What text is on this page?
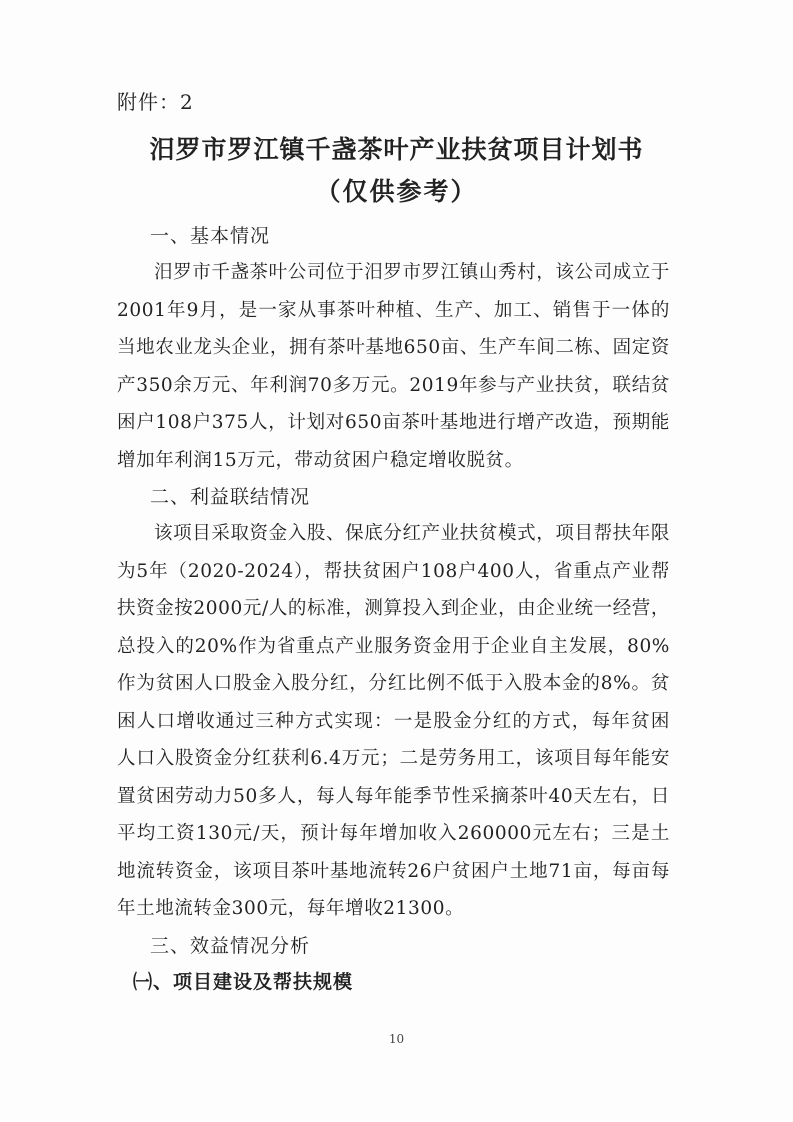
附件：2
汨罗市罗江镇千盏茶叶产业扶贫项目计划书
（仅供参考）
一、基本情况
汨罗市千盏茶叶公司位于汨罗市罗江镇山秀村，该公司成立于2001年9月，是一家从事茶叶种植、生产、加工、销售于一体的当地农业龙头企业，拥有茶叶基地650亩、生产车间二栋、固定资产350余万元、年利润70多万元。2019年参与产业扶贫，联结贫困户108户375人，计划对650亩茶叶基地进行增产改造，预期能增加年利润15万元，带动贫困户稳定增收脱贫。
二、利益联结情况
该项目采取资金入股、保底分红产业扶贫模式，项目帮扶年限为5年（2020-2024），帮扶贫困户108户400人，省重点产业帮扶资金按2000元/人的标准，测算投入到企业，由企业统一经营，总投入的20%作为省重点产业服务资金用于企业自主发展，80%作为贫困人口股金入股分红，分红比例不低于入股本金的8%。贫困人口增收通过三种方式实现：一是股金分红的方式，每年贫困人口入股资金分红获利6.4万元；二是劳务用工，该项目每年能安置贫困劳动力50多人，每人每年能季节性采摘茶叶40天左右，日平均工资130元/天，预计每年增加收入260000元左右；三是土地流转资金，该项目茶叶基地流转26户贫困户土地71亩，每亩每年土地流转金300元，每年增收21300。
三、效益情况分析
㈠、项目建设及帮扶规模
10
